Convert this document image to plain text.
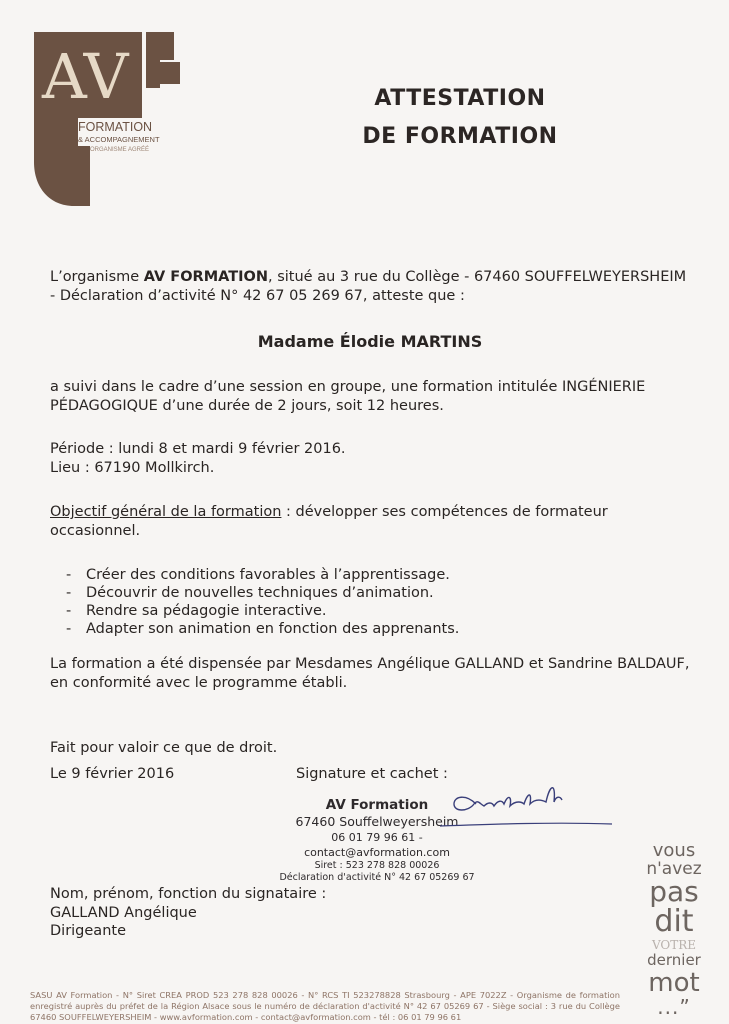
AV
FORMATION
& ACCOMPAGNEMENT
ORGANISME AGRÉÉ
ATTESTATION
DE FORMATION
L’organisme AV FORMATION, situé au 3 rue du Collège - 67460 SOUFFELWEYERSHEIM - Déclaration d’activité N° 42 67 05 269 67, atteste que :
Madame Élodie MARTINS
a suivi dans le cadre d’une session en groupe, une formation intitulée INGÉNIERIE PÉDAGOGIQUE d’une durée de 2 jours, soit 12 heures.
Période : lundi 8 et mardi 9 février 2016.
Lieu : 67190 Mollkirch.
Objectif général de la formation : développer ses compétences de formateur occasionnel.
- Créer des conditions favorables à l’apprentissage.
- Découvrir de nouvelles techniques d’animation.
- Rendre sa pédagogie interactive.
- Adapter son animation en fonction des apprenants.
La formation a été dispensée par Mesdames Angélique GALLAND et Sandrine BALDAUF, en conformité avec le programme établi.
Fait pour valoir ce que de droit.
Le 9 février 2016	Signature et cachet :
AV Formation
67460 Souffelweyersheim
06 01 79 96 61 - contact@avformation.com
Siret : 523 278 828 00026
Déclaration d'activité N° 42 67 05269 67
Nom, prénom, fonction du signataire :
GALLAND Angélique
Dirigeante
vous
n'avez
pas
dit
VOTRE
dernier
mot
...”
SASU AV Formation - N° Siret CREA PROD 523 278 828 00026 - N° RCS TI 523278828 Strasbourg - APE 7022Z - Organisme de formation enregistré auprès du préfet de la Région Alsace sous le numéro de déclaration d'activité N° 42 67 05269 67 - Siège social : 3 rue du Collège 67460 SOUFFELWEYERSHEIM - www.avformation.com - contact@avformation.com - tél : 06 01 79 96 61
